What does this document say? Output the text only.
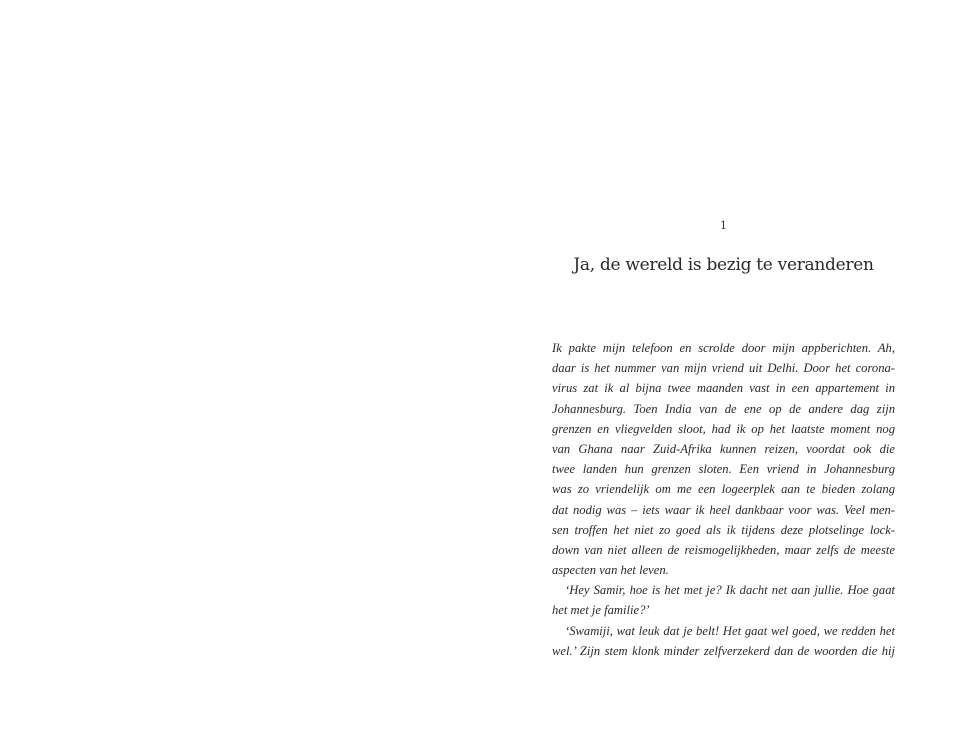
1
Ja, de wereld is bezig te veranderen
Ik pakte mijn telefoon en scrolde door mijn appberichten. Ah,
daar is het nummer van mijn vriend uit Delhi. Door het corona-
virus zat ik al bijna twee maanden vast in een appartement in
Johannesburg. Toen India van de ene op de andere dag zijn
grenzen en vliegvelden sloot, had ik op het laatste moment nog
van Ghana naar Zuid-Afrika kunnen reizen, voordat ook die
twee landen hun grenzen sloten. Een vriend in Johannesburg
was zo vriendelijk om me een logeerplek aan te bieden zolang
dat nodig was – iets waar ik heel dankbaar voor was. Veel men-
sen troffen het niet zo goed als ik tijdens deze plotselinge lock-
down van niet alleen de reismogelijkheden, maar zelfs de meeste
aspecten van het leven.
‘Hey Samir, hoe is het met je? Ik dacht net aan jullie. Hoe gaat
het met je familie?’
‘Swamiji, wat leuk dat je belt! Het gaat wel goed, we redden het
wel.’ Zijn stem klonk minder zelfverzekerd dan de woorden die hij
